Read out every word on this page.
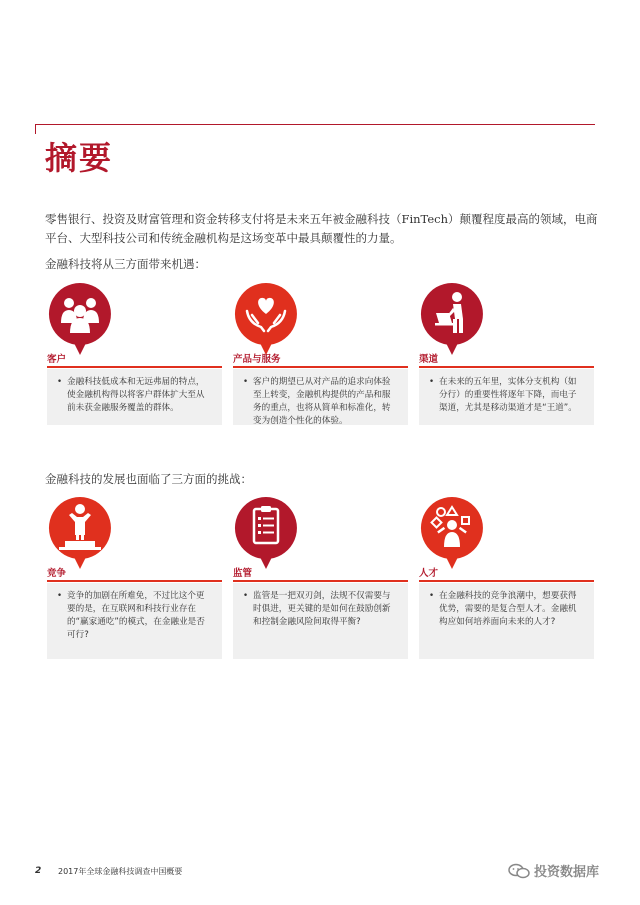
摘要
零售银行、投资及财富管理和资金转移支付将是未来五年被金融科技（FinTech）颠覆程度最高的领域，电商平台、大型科技公司和传统金融机构是这场变革中最具颠覆性的力量。
金融科技将从三方面带来机遇：
客户
• 金融科技低成本和无远弗届的特点，使金融机构得以将客户群体扩大至从前未获金融服务覆盖的群体。
产品与服务
• 客户的期望已从对产品的追求向体验至上转变，金融机构提供的产品和服务的重点，也将从简单和标准化，转变为创造个性化的体验。
渠道
• 在未来的五年里，实体分支机构（如分行）的重要性将逐年下降，而电子渠道，尤其是移动渠道才是“王道”。
金融科技的发展也面临了三方面的挑战：
竞争
• 竞争的加剧在所难免，不过比这个更要的是，在互联网和科技行业存在的“赢家通吃”的模式，在金融业是否可行?
监管
• 监管是一把双刃剑，法规不仅需要与时俱进，更关键的是如何在鼓励创新和控制金融风险间取得平衡?
人才
• 在金融科技的竞争浪潮中，想要获得优势，需要的是复合型人才。金融机构应如何培养面向未来的人才?
2 2017年全球金融科技调查中国概要	投资数据库
